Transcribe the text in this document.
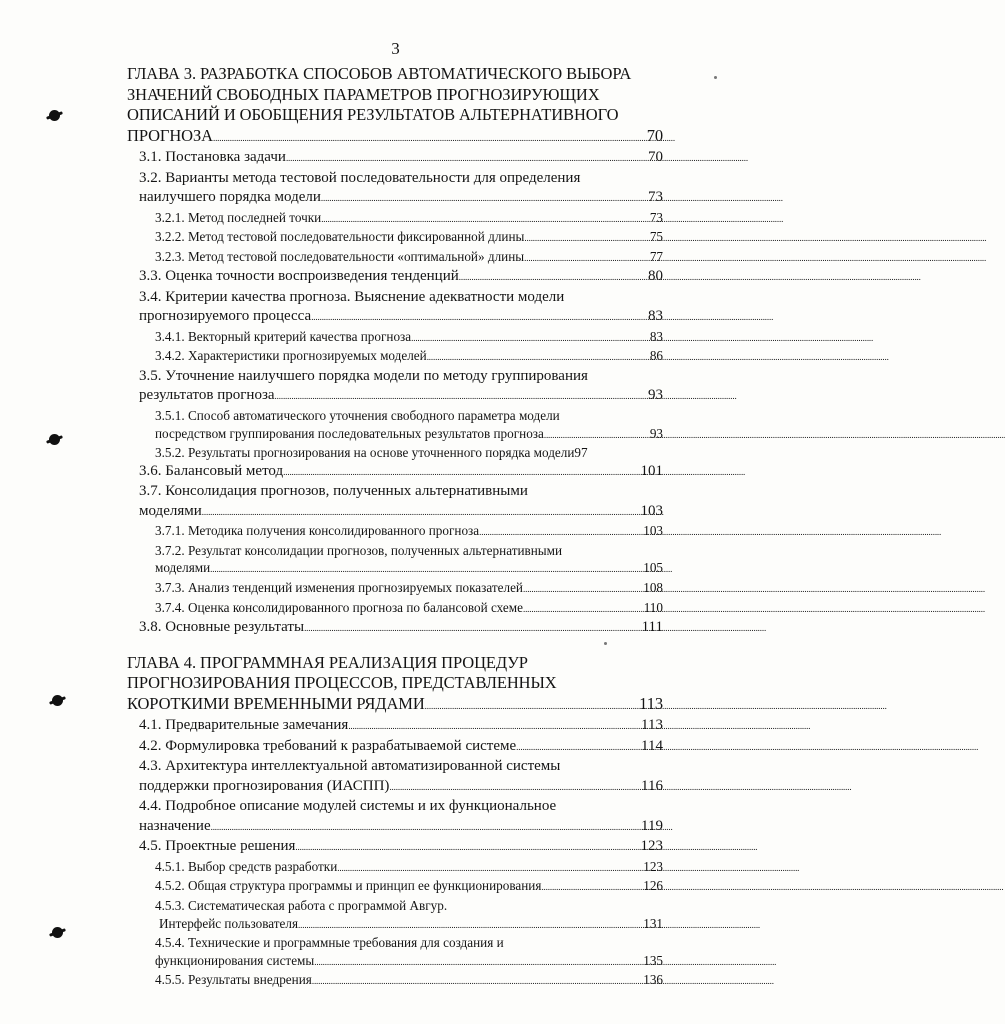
3
ГЛАВА 3. РАЗРАБОТКА СПОСОБОВ АВТОМАТИЧЕСКОГО ВЫБОРА
ЗНАЧЕНИЙ СВОБОДНЫХ ПАРАМЕТРОВ ПРОГНОЗИРУЮЩИХ
ОПИСАНИЙ И ОБОБЩЕНИЯ РЕЗУЛЬТАТОВ АЛЬТЕРНАТИВНОГО
ПРОГНОЗА . . .	70
3.1. Постановка задачи . . .	70
3.2. Варианты метода тестовой последовательности для определения
наилучшего порядка модели . . .	73
3.2.1. Метод последней точки . . .	73
3.2.2. Метод тестовой последовательности фиксированной длины . . .	75
3.2.3. Метод тестовой последовательности «оптимальной» длины . . .	77
3.3. Оценка точности воспроизведения тенденций . . .	80
3.4. Критерии качества прогноза. Выяснение адекватности модели
прогнозируемого процесса . . .	83
3.4.1. Векторный критерий качества прогноза . . .	83
3.4.2. Характеристики прогнозируемых моделей . . .	86
3.5. Уточнение наилучшего порядка модели по методу группирования
результатов прогноза . . .	93
3.5.1. Способ автоматического уточнения свободного параметра модели
посредством группирования последовательных результатов прогноза . . .	93
3.5.2. Результаты прогнозирования на основе уточненного порядка модели 97
3.6. Балансовый метод . . .	101
3.7. Консолидация прогнозов, полученных альтернативными
моделями . . .	103
3.7.1. Методика получения консолидированного прогноза . . .	103
3.7.2. Результат консолидации прогнозов, полученных альтернативными
моделями . . .	105
3.7.3. Анализ тенденций изменения прогнозируемых показателей . . .	108
3.7.4. Оценка консолидированного прогноза по балансовой схеме . . .	110
3.8. Основные результаты . . .	111
ГЛАВА 4. ПРОГРАММНАЯ РЕАЛИЗАЦИЯ ПРОЦЕДУР
ПРОГНОЗИРОВАНИЯ ПРОЦЕССОВ, ПРЕДСТАВЛЕННЫХ
КОРОТКИМИ ВРЕМЕННЫМИ РЯДАМИ . . .	113
4.1. Предварительные замечания . . .	113
4.2. Формулировка требований к разрабатываемой системе . . .	114
4.3. Архитектура интеллектуальной автоматизированной системы
поддержки прогнозирования (ИАСПП) . . .	116
4.4. Подробное описание модулей системы и их функциональное
назначение . . .	119
4.5. Проектные решения . . .	123
4.5.1. Выбор средств разработки . . .	123
4.5.2. Общая структура программы и принцип ее функционирования . . .	126
4.5.3. Систематическая работа с программой Авгур.
Интерфейс пользователя . . .	131
4.5.4. Технические и программные требования для создания и
функционирования системы . . .	135
4.5.5. Результаты внедрения . . .	136
